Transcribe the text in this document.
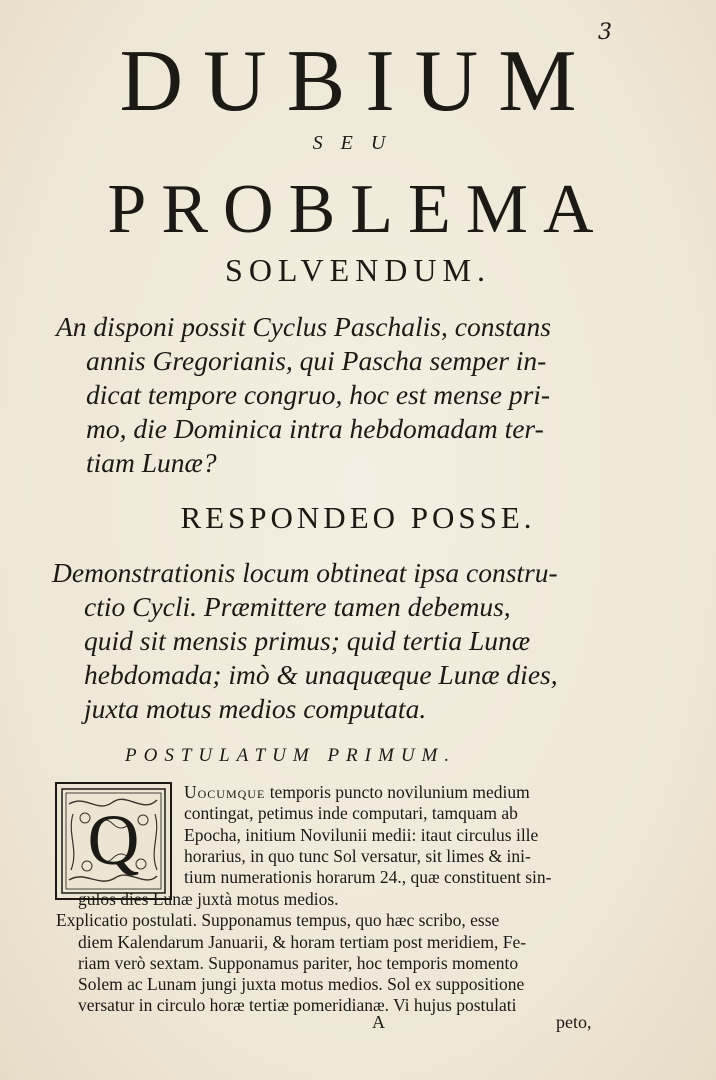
3
DUBIUM
SEU
PROBLEMA
SOLVENDUM.
An disponi possit Cyclus Paschalis, constans
annis Gregorianis, qui Pascha semper in-
dicat tempore congruo, hoc est mense pri-
mo, die Dominica intra hebdomadam ter-
tiam Lunæ?
RESPONDEO POSSE.
Demonstrationis locum obtineat ipsa constru-
ctio Cycli. Præmittere tamen debemus,
quid sit mensis primus; quid tertia Lunæ
hebdomada; imò & unaquæque Lunæ dies,
juxta motus medios computata.
POSTULATUM PRIMUM.
Q
Uocumque temporis puncto novilunium medium
contingat, petimus inde computari, tamquam ab
Epocha, initium Novilunii medii: itaut circulus ille
horarius, in quo tunc Sol versatur, sit limes & ini-
tium numerationis horarum 24., quæ constituent sin-
gulos dies Lunæ juxtà motus medios.
Explicatio postulati. Supponamus tempus, quo hæc scribo, esse
diem Kalendarum Januarii, & horam tertiam post meridiem, Fe-
riam verò sextam. Supponamus pariter, hoc temporis momento
Solem ac Lunam jungi juxta motus medios. Sol ex suppositione
versatur in circulo horæ tertiæ pomeridianæ. Vi hujus postulati
A	peto,
